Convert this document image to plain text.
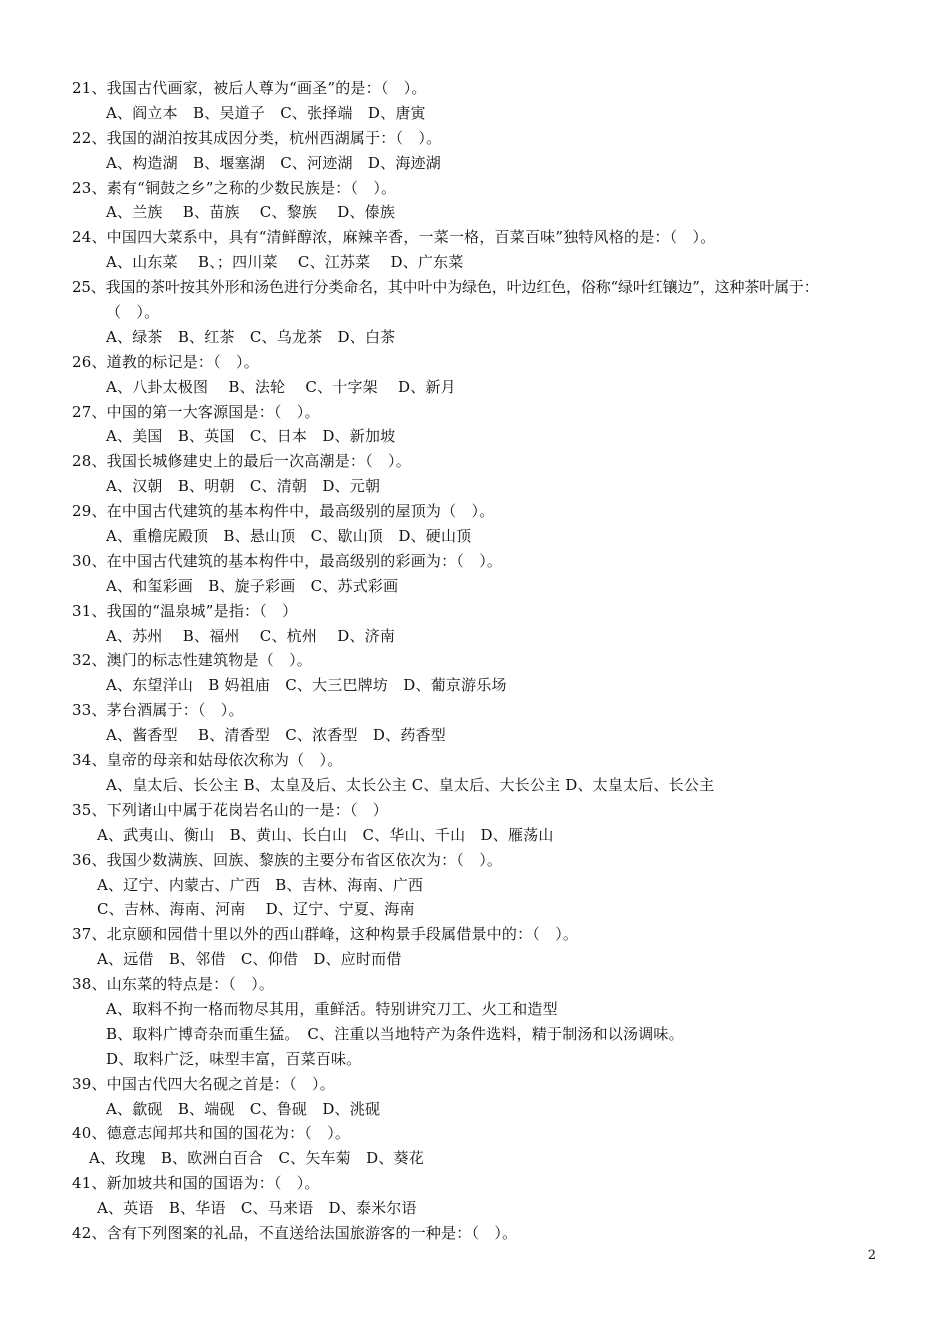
21、我国古代画家，被后人尊为“画圣”的是：（　）。
A、阎立本　B、吴道子　C、张择端　D、唐寅
22、我国的湖泊按其成因分类，杭州西湖属于：（　）。
A、构造湖　B、堰塞湖　C、河迹湖　D、海迹湖
23、素有“铜鼓之乡”之称的少数民族是：（　）。
A、兰族　 B、苗族　 C、黎族　 D、傣族
24、中国四大菜系中，具有“清鲜醇浓，麻辣辛香，一菜一格，百菜百味”独特风格的是：（　）。
A、山东菜　 B、；四川菜　 C、江苏菜　 D、广东菜
25、我国的茶叶按其外形和汤色进行分类命名，其中叶中为绿色，叶边红色，俗称“绿叶红镶边”，这种茶叶属于：
（　）。
A、绿茶　B、红茶　C、乌龙茶　D、白茶
26、道教的标记是：（　）。
A、八卦太极图　 B、法轮　 C、十字架　 D、新月
27、中国的第一大客源国是：（　）。
A、美国　B、英国　C、日本　D、新加坡
28、我国长城修建史上的最后一次高潮是：（　）。
A、汉朝　B、明朝　C、清朝　D、元朝
29、在中国古代建筑的基本构件中，最高级别的屋顶为（　）。
A、重檐庑殿顶　B、悬山顶　C、歇山顶　D、硬山顶
30、在中国古代建筑的基本构件中，最高级别的彩画为：（　）。
A、和玺彩画　B、旋子彩画　C、苏式彩画
31、我国的“温泉城”是指：（　）
A、苏州　 B、福州　 C、杭州　 D、济南
32、澳门的标志性建筑物是（　）。
A、东望洋山　B 妈祖庙　C、大三巴牌坊　D、葡京游乐场
33、茅台酒属于：（　）。
A、酱香型　 B、清香型　C、浓香型　D、药香型
34、皇帝的母亲和姑母依次称为（　）。
A、皇太后、长公主 B、太皇及后、太长公主 C、皇太后、大长公主 D、太皇太后、长公主
35、下列诸山中属于花岗岩名山的一是：（　）
A、武夷山、衡山　B、黄山、长白山　C、华山、千山　D、雁荡山
36、我国少数满族、回族、黎族的主要分布省区依次为：（　）。
A、辽宁、内蒙古、广西　B、吉林、海南、广西
C、吉林、海南、河南　 D、辽宁、宁夏、海南
37、北京颐和园借十里以外的西山群峰，这种构景手段属借景中的：（　）。
A、远借　B、邻借　C、仰借　D、应时而借
38、山东菜的特点是：（　）。
A、取料不拘一格而物尽其用，重鲜活。特别讲究刀工、火工和造型
B、取料广博奇杂而重生猛。　C、注重以当地特产为条件选料，精于制汤和以汤调味。
D、取料广泛，味型丰富，百菜百味。
39、中国古代四大名砚之首是：（　）。
A、歙砚　B、端砚　C、鲁砚　D、洮砚
40、德意志闻邦共和国的国花为：（　）。
A、玫瑰　B、欧洲白百合　C、矢车菊　D、葵花
41、新加坡共和国的国语为：（　）。
A、英语　B、华语　C、马来语　D、泰米尔语
42、含有下列图案的礼品，不直送给法国旅游客的一种是：（　）。
2
